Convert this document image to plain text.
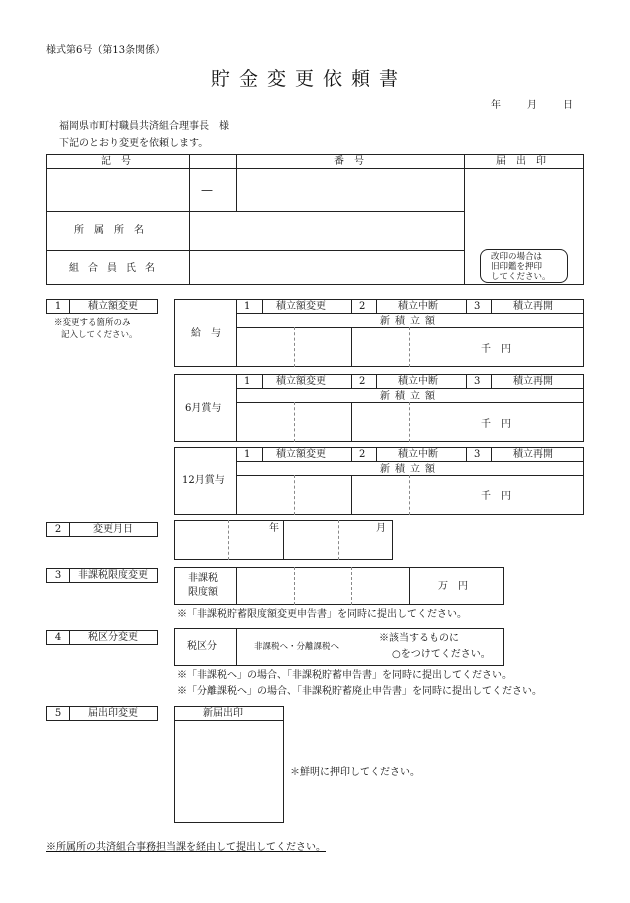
様式第6号（第13条関係）
貯金変更依頼書
年	月	日
福岡県市町村職員共済組合理事長　様
下記のとおり変更を依頼します。
記号	番号	届出印
—
所属所名
組合員氏名
改印の場合は
旧印鑑を押印
してください。
1	積立額変更
※変更する箇所のみ
記入してください。	給　与
1	積立額変更	2	積立中断	3	積立再開
新積立額
千　円
6月賞与
1	積立額変更	2	積立中断	3	積立再開
新積立額
千　円
12月賞与
1	積立額変更	2	積立中断	3	積立再開
新積立額
千　円
2	変更月日	年	月
3	非課税限度変更	非課税
限度額
万　円
※「非課税貯蓄限度額変更申告書」を同時に提出してください。
4	税区分変更
税区分	非課税へ・分離課税へ
※該当するものに
○をつけてください。
※「非課税へ」の場合、「非課税貯蓄申告書」を同時に提出してください。
※「分離課税へ」の場合、「非課税貯蓄廃止申告書」を同時に提出してください。
5	届出印変更	新届出印
＊鮮明に押印してください。
※所属所の共済組合事務担当課を経由して提出してください。
